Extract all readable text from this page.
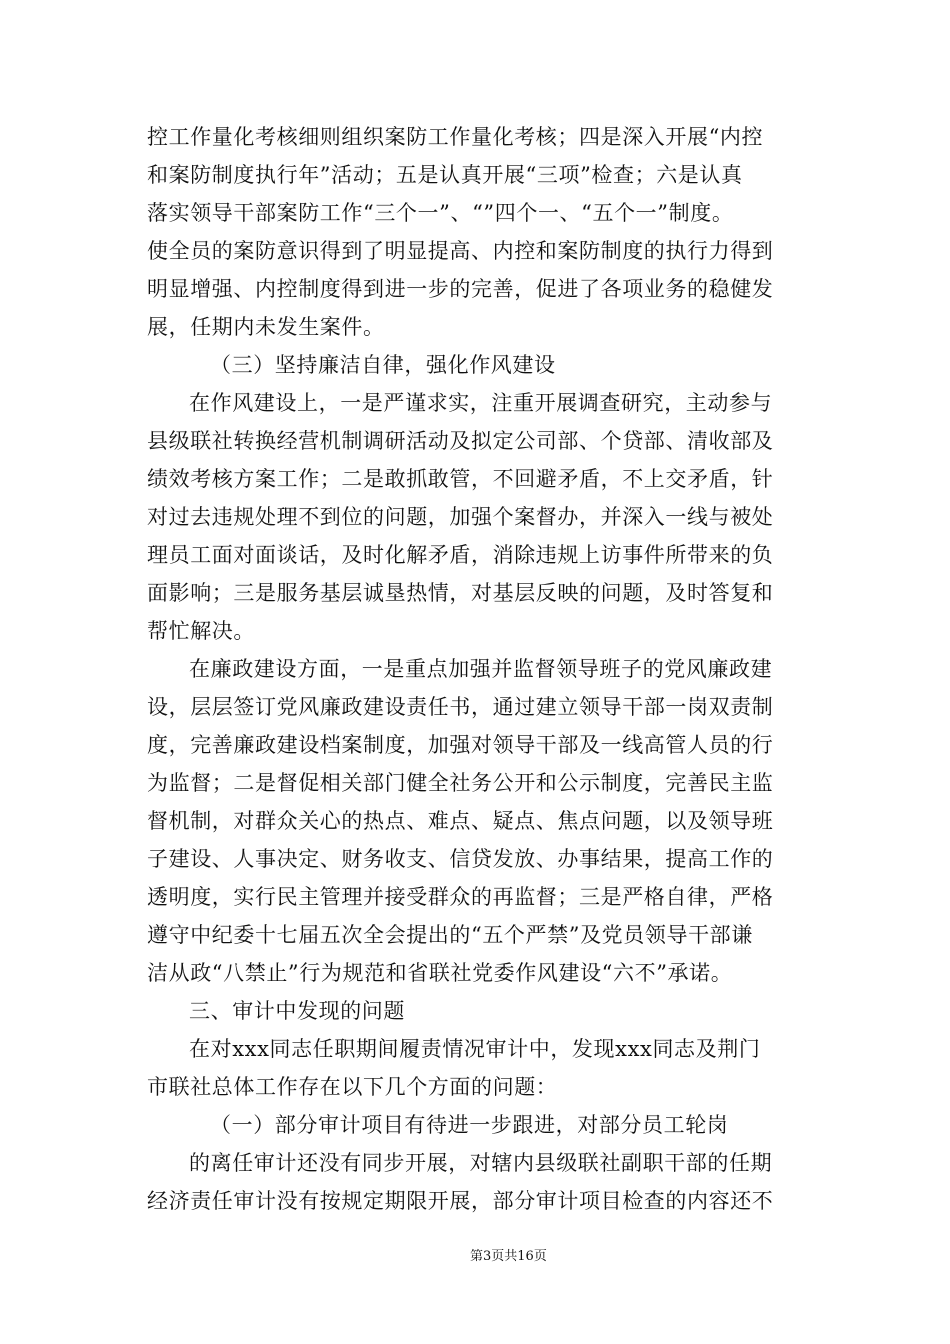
控工作量化考核细则组织案防工作量化考核；四是深入开展“内控
和案防制度执行年”活动；五是认真开展“三项”检查；六是认真
落实领导干部案防工作“三个一”、“”四个一、“五个一”制度。
使全员的案防意识得到了明显提高、内控和案防制度的执行力得到
明显增强、内控制度得到进一步的完善，促进了各项业务的稳健发
展，任期内未发生案件。
（三）坚持廉洁自律，强化作风建设
在作风建设上，一是严谨求实，注重开展调查研究，主动参与
县级联社转换经营机制调研活动及拟定公司部、个贷部、清收部及
绩效考核方案工作；二是敢抓敢管，不回避矛盾，不上交矛盾，针
对过去违规处理不到位的问题，加强个案督办，并深入一线与被处
理员工面对面谈话，及时化解矛盾，消除违规上访事件所带来的负
面影响；三是服务基层诚垦热情，对基层反映的问题，及时答复和
帮忙解决。
在廉政建设方面，一是重点加强并监督领导班子的党风廉政建
设，层层签订党风廉政建设责任书，通过建立领导干部一岗双责制
度，完善廉政建设档案制度，加强对领导干部及一线高管人员的行
为监督；二是督促相关部门健全社务公开和公示制度，完善民主监
督机制，对群众关心的热点、难点、疑点、焦点问题，以及领导班
子建设、人事决定、财务收支、信贷发放、办事结果，提高工作的
透明度，实行民主管理并接受群众的再监督；三是严格自律，严格
遵守中纪委十七届五次全会提出的“五个严禁”及党员领导干部谦
洁从政“八禁止”行为规范和省联社党委作风建设“六不”承诺。
三、审计中发现的问题
在对xxx同志任职期间履责情况审计中，发现xxx同志及荆门
市联社总体工作存在以下几个方面的问题：
（一）部分审计项目有待进一步跟进，对部分员工轮岗
的离任审计还没有同步开展，对辖内县级联社副职干部的任期
经济责任审计没有按规定期限开展，部分审计项目检查的内容还不
第3页共16页
